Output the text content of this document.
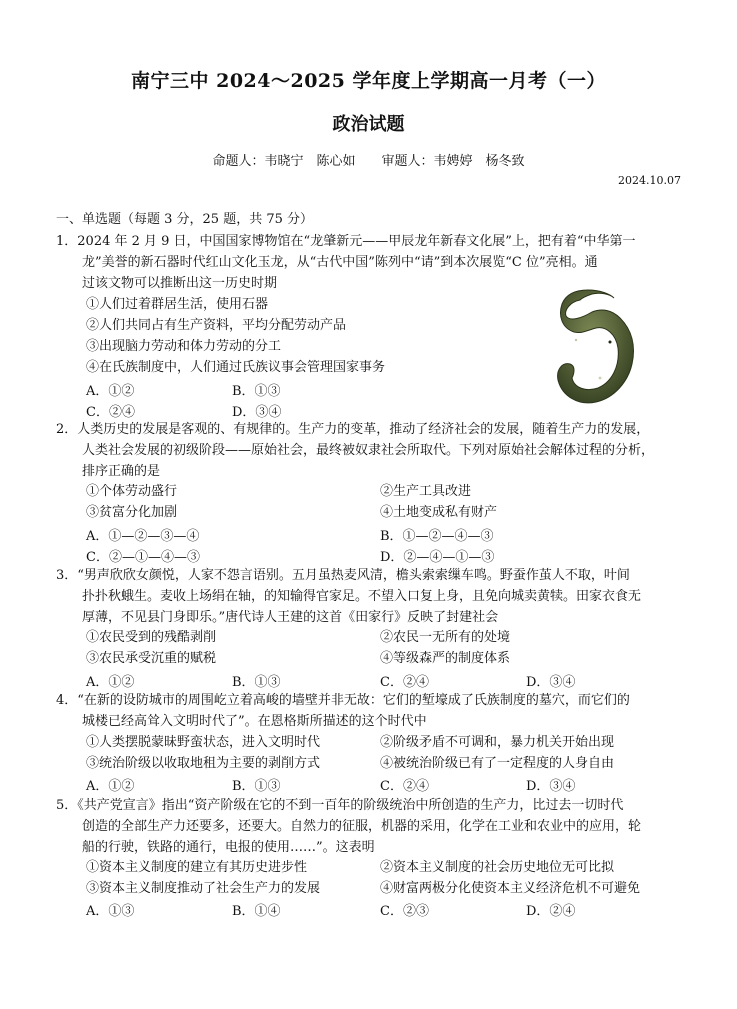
南宁三中 2024～2025 学年度上学期高一月考（一）
政治试题
命题人：韦晓宁　陈心如　　审题人：韦娉婷　杨冬致
2024.10.07
一、单选题（每题 3 分，25 题，共 75 分）
1．2024 年 2 月 9 日，中国国家博物馆在“龙肇新元——甲辰龙年新春文化展”上，把有着“中华第一
龙”美誉的新石器时代红山文化玉龙，从“古代中国”陈列中“请”到本次展览“C 位”亮相。通
过该文物可以推断出这一历史时期
①人们过着群居生活，使用石器
②人们共同占有生产资料，平均分配劳动产品
③出现脑力劳动和体力劳动的分工
④在氏族制度中，人们通过氏族议事会管理国家事务
A．①②	B．①③
C．②④	D．③④
2．人类历史的发展是客观的、有规律的。生产力的变革，推动了经济社会的发展，随着生产力的发展，
人类社会发展的初级阶段——原始社会，最终被奴隶社会所取代。下列对原始社会解体过程的分析，
排序正确的是
①个体劳动盛行	②生产工具改进
③贫富分化加剧	④土地变成私有财产
A．①—②—③—④	B．①—②—④—③
C．②—①—④—③	D．②—④—①—③
3．“男声欣欣女颜悦，人家不怨言语别。五月虽热麦风清，檐头索索缫车鸣。野蚕作茧人不取，叶间
扑扑秋蛾生。麦收上场绢在轴，的知输得官家足。不望入口复上身，且免向城卖黄犊。田家衣食无
厚薄，不见县门身即乐。”唐代诗人王建的这首《田家行》反映了封建社会
①农民受到的残酷剥削	②农民一无所有的处境
③农民承受沉重的赋税	④等级森严的制度体系
A．①②	B．①③	C．②④	D．③④
4．“在新的设防城市的周围屹立着高峻的墙壁并非无故：它们的堑壕成了氏族制度的墓穴，而它们的
城楼已经高耸入文明时代了”。在恩格斯所描述的这个时代中
①人类摆脱蒙昧野蛮状态，进入文明时代	②阶级矛盾不可调和，暴力机关开始出现
③统治阶级以收取地租为主要的剥削方式	④被统治阶级已有了一定程度的人身自由
A．①②	B．①③	C．②④	D．③④
5．《共产党宣言》指出“资产阶级在它的不到一百年的阶级统治中所创造的生产力，比过去一切时代
创造的全部生产力还要多，还要大。自然力的征服，机器的采用，化学在工业和农业中的应用，轮
船的行驶，铁路的通行，电报的使用……”。这表明
①资本主义制度的建立有其历史进步性	②资本主义制度的社会历史地位无可比拟
③资本主义制度推动了社会生产力的发展	④财富两极分化使资本主义经济危机不可避免
A．①③	B．①④	C．②③	D．②④
